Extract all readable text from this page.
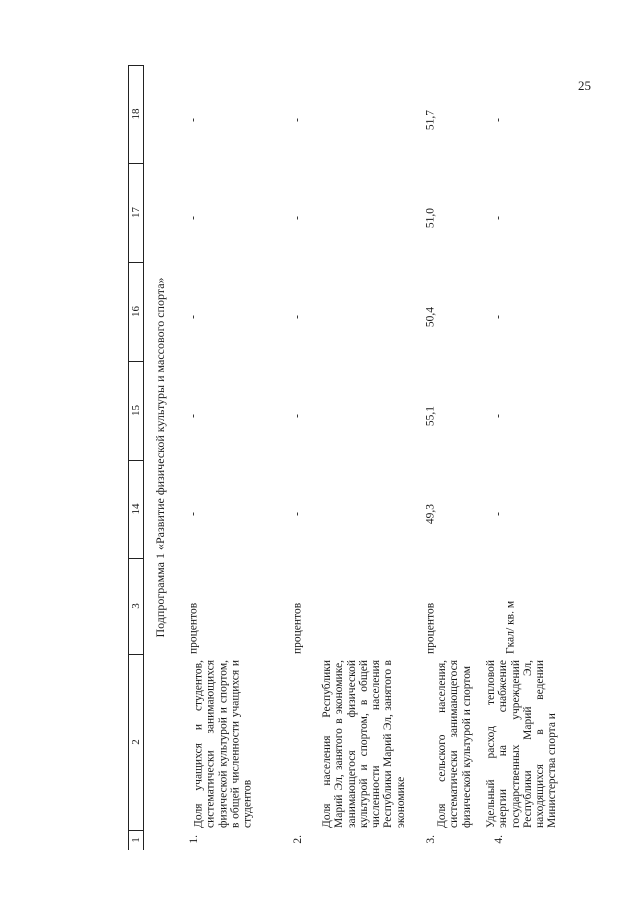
25
1
2
3
14
15
16
17
18
Подпрограмма 1 «Развитие физической культуры и массового спорта»
1.
Доля учащихся и студентов, систематически занимающихся физической культурой и спортом, в общей численности учащихся и студентов
процентов
-
-
-
-
-
2.
Доля населения Республики Марий Эл, занятого в экономике, занимающегося физической культурой и спортом, в общей численности населения Республики Марий Эл, занятого в экономике
процентов
-
-
-
-
-
3.
Доля сельского населения, систематически занимающегося физической культурой и спортом
процентов
49,3
55,1
50,4
51,0
51,7
4.
Удельный расход тепловой энергии на снабжение государственных учреждений Республики Марий Эл, находящихся в ведении Министерства спорта и
Гкал/ кв. м
-
-
-
-
-
